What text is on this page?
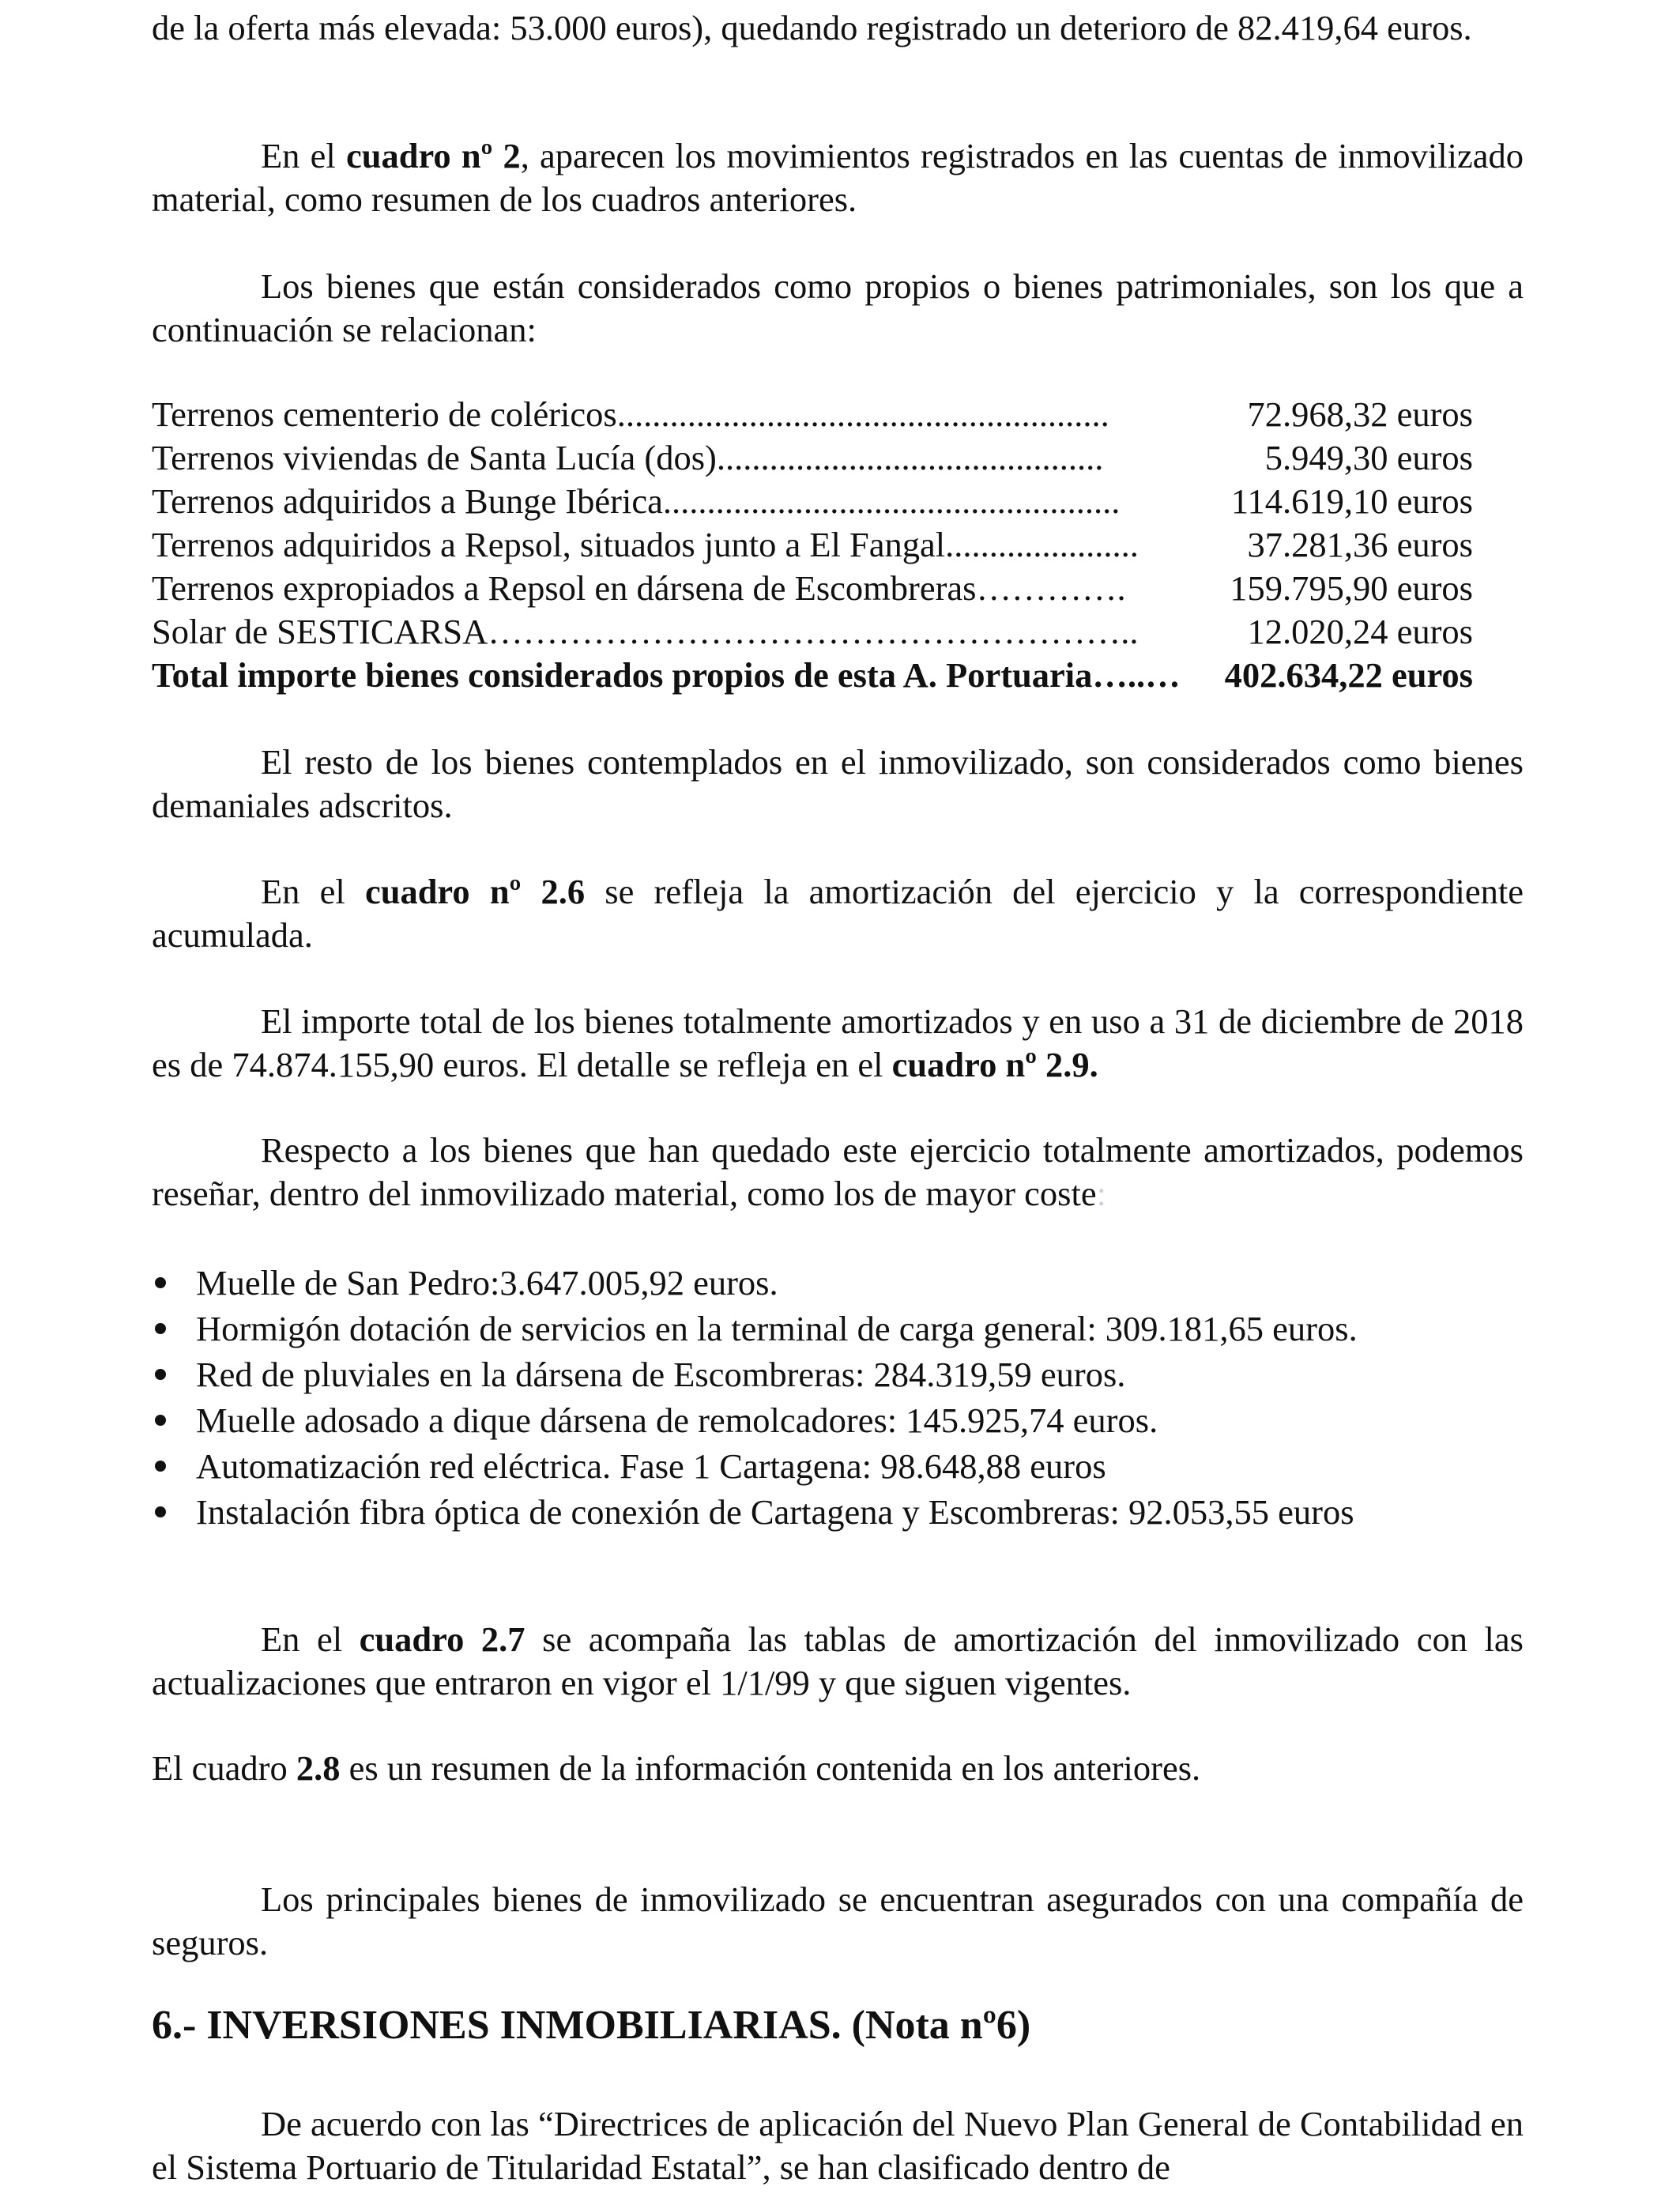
de la oferta más elevada: 53.000 euros), quedando registrado un deterioro de 82.419,64 euros.

En el cuadro nº 2, aparecen los movimientos registrados en las cuentas de inmovilizado material, como resumen de los cuadros anteriores.

Los bienes que están considerados como propios o bienes patrimoniales, son los que a continuación se relacionan:

Terrenos cementerio de coléricos........................................................	72.968,32 euros
Terrenos viviendas de Santa Lucía (dos)............................................	5.949,30 euros
Terrenos adquiridos a Bunge Ibérica....................................................	114.619,10 euros
Terrenos adquiridos a Repsol, situados junto a El Fangal......................	37.281,36 euros
Terrenos expropiados a Repsol en dársena de Escombreras………….	159.795,90 euros
Solar de SESTICARSA………………………………………………..	12.020,24 euros
Total importe bienes considerados propios de esta A. Portuaria…..… 402.634,22 euros

El resto de los bienes contemplados en el inmovilizado, son considerados como bienes demaniales adscritos.

En el cuadro nº 2.6 se refleja la amortización del ejercicio y la correspondiente acumulada.

El importe total de los bienes totalmente amortizados y en uso a 31 de diciembre de 2018 es de 74.874.155,90 euros. El detalle se refleja en el cuadro nº 2.9.

Respecto a los bienes que han quedado este ejercicio totalmente amortizados, podemos reseñar, dentro del inmovilizado material, como los de mayor coste:

Muelle de San Pedro:3.647.005,92 euros.
Hormigón dotación de servicios en la terminal de carga general: 309.181,65 euros.
Red de pluviales en la dársena de Escombreras: 284.319,59 euros.
Muelle adosado a dique dársena de remolcadores: 145.925,74 euros.
Automatización red eléctrica. Fase 1 Cartagena: 98.648,88 euros
Instalación fibra óptica de conexión de Cartagena y Escombreras: 92.053,55 euros

En el cuadro 2.7 se acompaña las tablas de amortización del inmovilizado con las actualizaciones que entraron en vigor el 1/1/99 y que siguen vigentes.

El cuadro 2.8 es un resumen de la información contenida en los anteriores.

Los principales bienes de inmovilizado se encuentran asegurados con una compañía de seguros.

6.- INVERSIONES INMOBILIARIAS. (Nota nº6)

De acuerdo con las “Directrices de aplicación del Nuevo Plan General de Contabilidad en el Sistema Portuario de Titularidad Estatal”, se han clasificado dentro de
